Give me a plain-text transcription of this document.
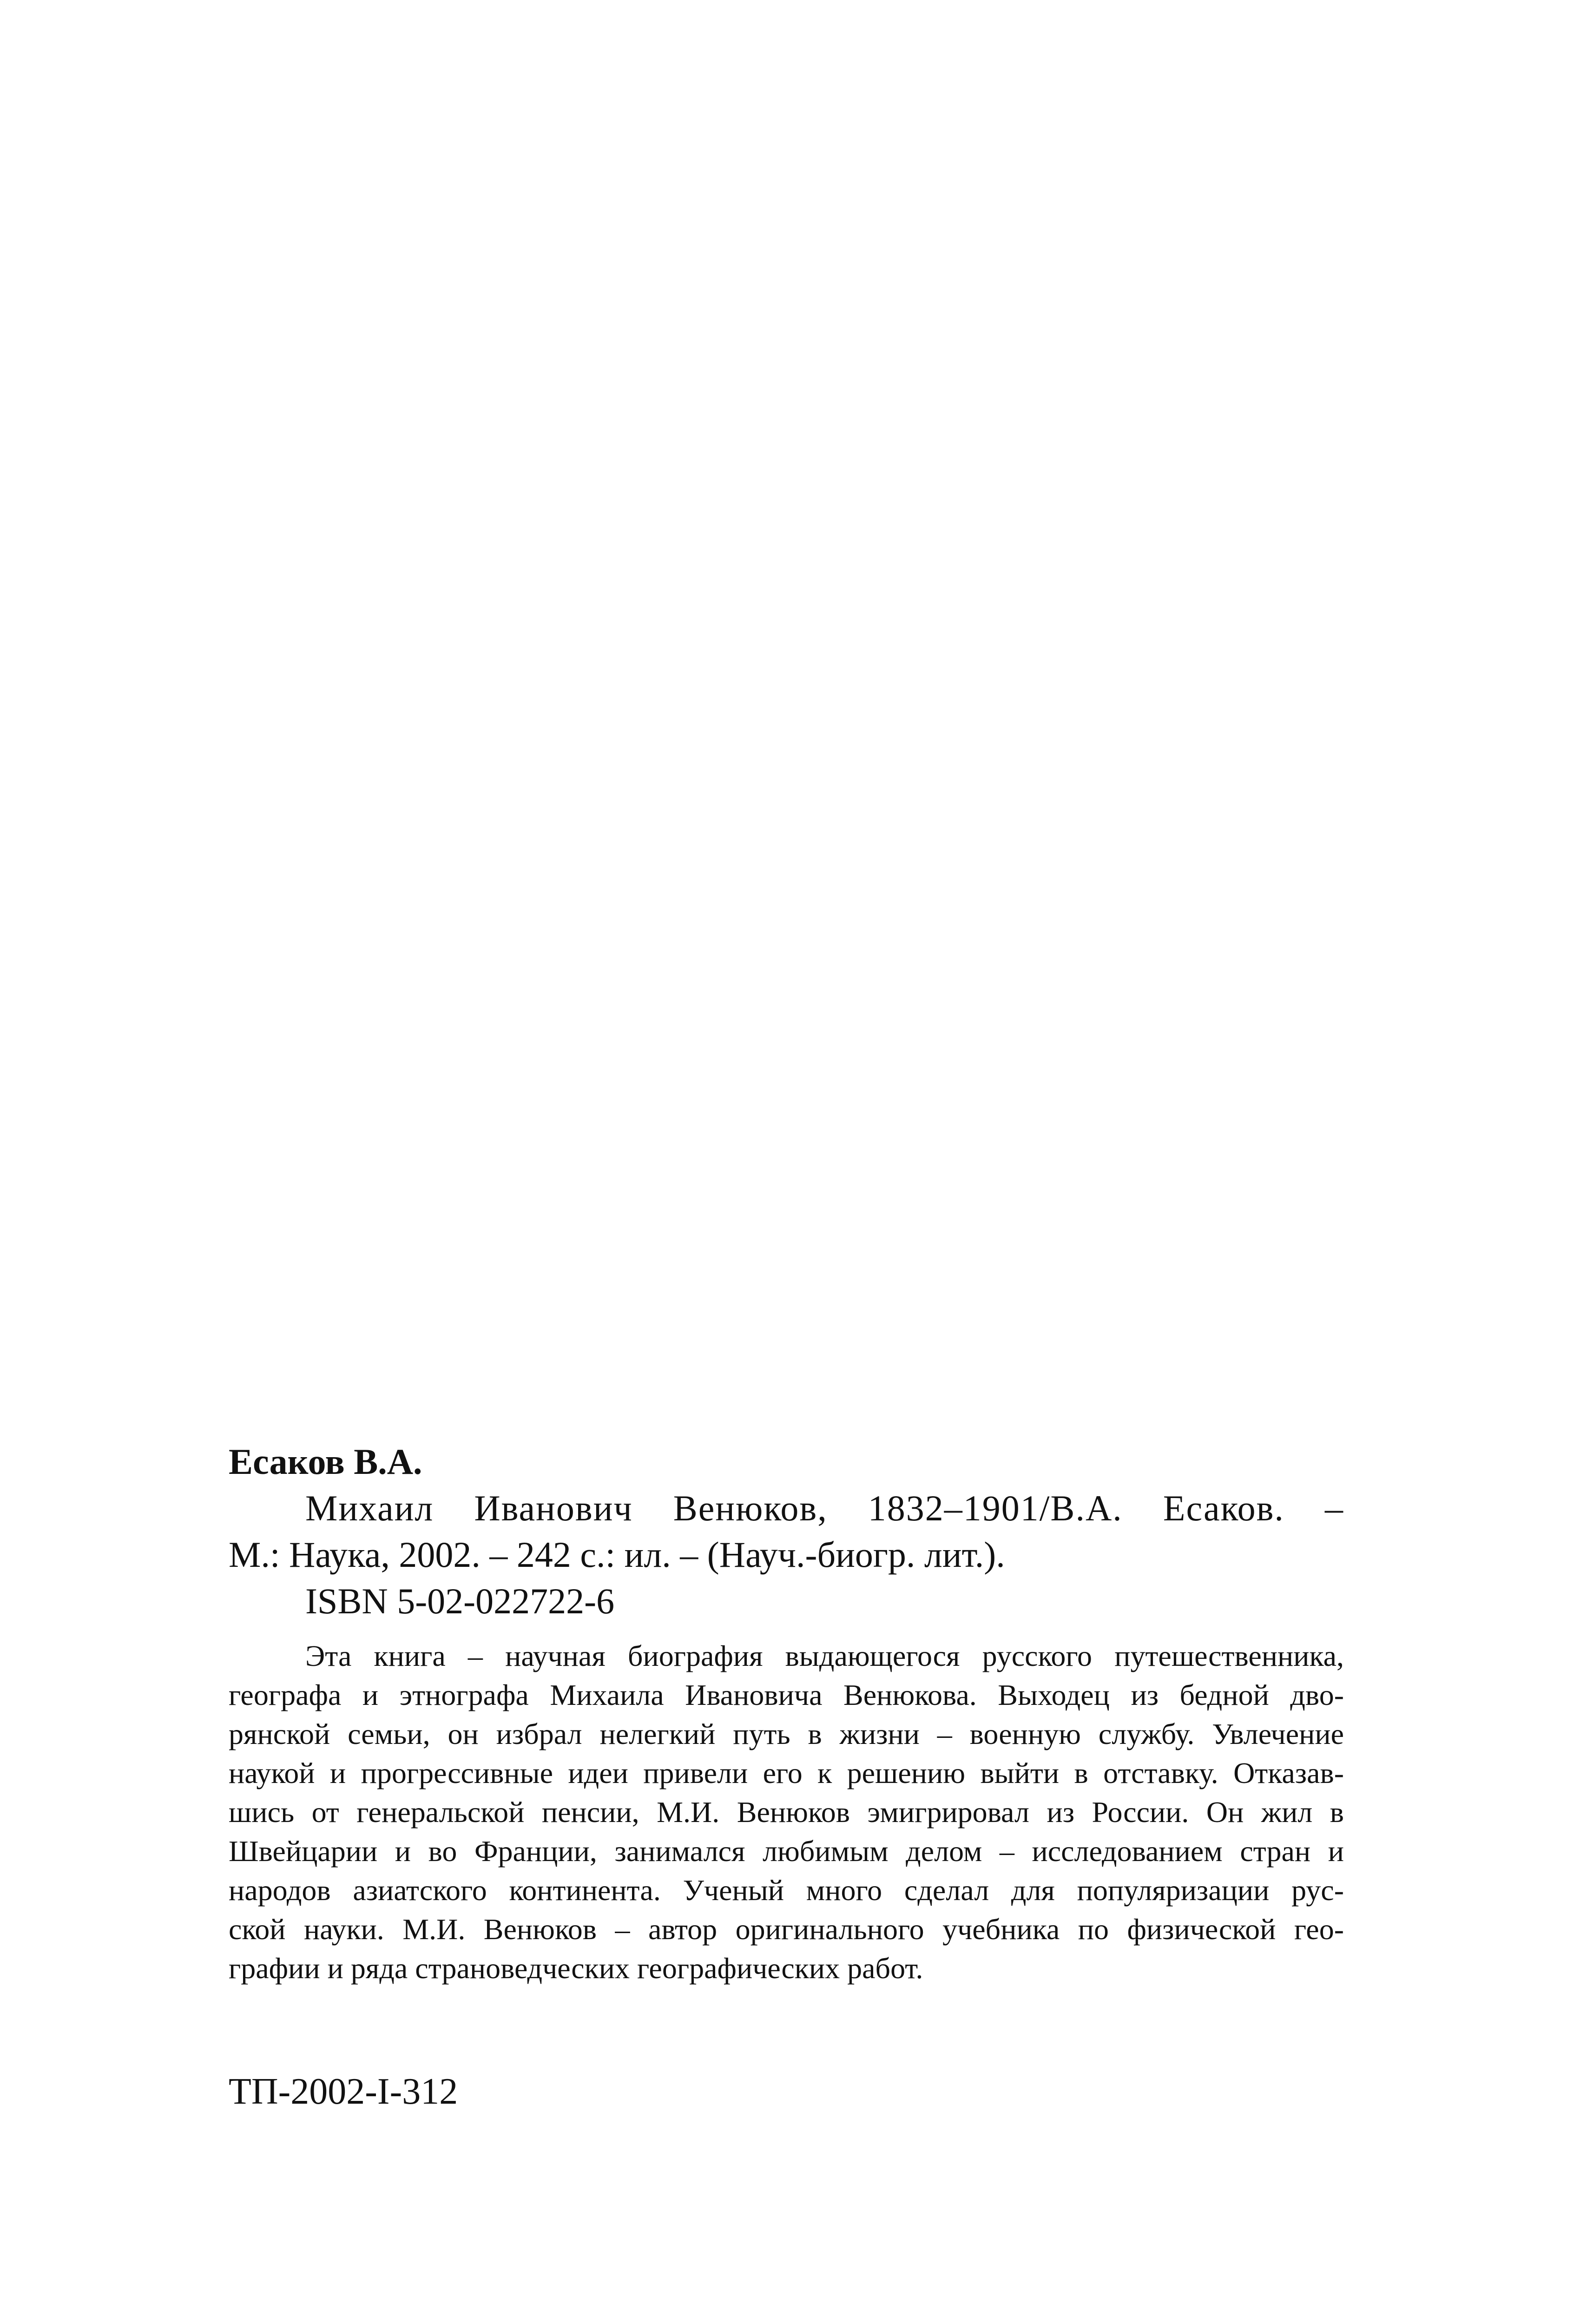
Есаков В.А.

Михаил Иванович Венюков, 1832–1901/В.А. Есаков. –

М.: Наука, 2002. – 242 с.: ил. – (Науч.-биогр. лит.).

ISBN 5-02-022722-6

Эта книга – научная биография выдающегося русского путешественника,

географа и этнографа Михаила Ивановича Венюкова. Выходец из бедной дво-

рянской семьи, он избрал нелегкий путь в жизни – военную службу. Увлечение

наукой и прогрессивные идеи привели его к решению выйти в отставку. Отказав-

шись от генеральской пенсии, М.И. Венюков эмигрировал из России. Он жил в

Швейцарии и во Франции, занимался любимым делом – исследованием стран и

народов азиатского континента. Ученый много сделал для популяризации рус-

ской науки. М.И. Венюков – автор оригинального учебника по физической гео-

графии и ряда страноведческих географических работ.

ТП-2002-I-312
